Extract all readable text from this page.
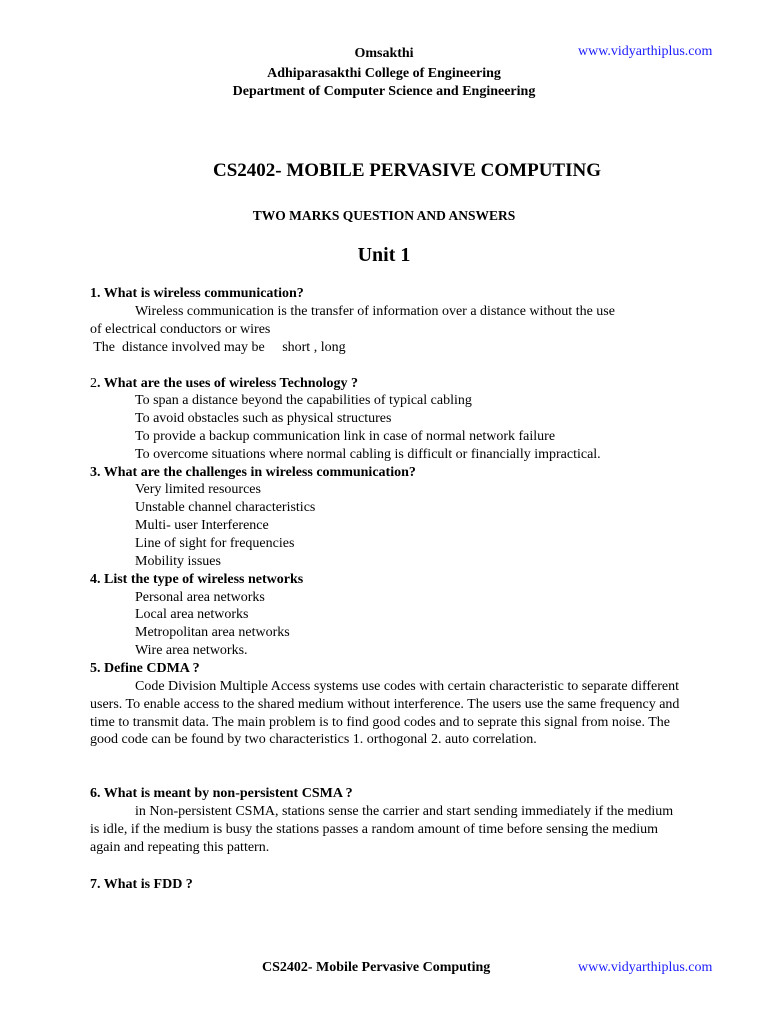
Omsakthi
Adhiparasakthi College of Engineering
Department of Computer Science and Engineering
www.vidyarthiplus.com
CS2402- MOBILE PERVASIVE COMPUTING
TWO MARKS QUESTION AND ANSWERS
Unit 1
1. What is wireless communication?
Wireless communication is the transfer of information over a distance without the use
of electrical conductors or wires
The  distance involved may be     short , long
2. What are the uses of wireless Technology ?
To span a distance beyond the capabilities of typical cabling
To avoid obstacles such as physical structures
To provide a backup communication link in case of normal network failure
To overcome situations where normal cabling is difficult or financially impractical.
3. What are the challenges in wireless communication?
Very limited resources
Unstable channel characteristics
Multi- user Interference
Line of sight for frequencies
Mobility issues
4. List the type of wireless networks
Personal area networks
Local area networks
Metropolitan area networks
Wire area networks.
5. Define CDMA ?
Code Division Multiple Access systems use codes with certain characteristic to separate different users. To enable access to the shared medium without interference. The users use the same frequency and time to transmit data. The main problem is to find good codes and to seprate this signal from noise. The good code can be found by two characteristics 1. orthogonal 2. auto correlation.
6. What is meant by non-persistent CSMA ?
in Non-persistent CSMA, stations sense the carrier and start sending immediately if the medium is idle, if the medium is busy the stations passes a random amount of time before sensing the medium again and repeating this pattern.
7. What is FDD ?
CS2402- Mobile Pervasive Computing	www.vidyarthiplus.com
